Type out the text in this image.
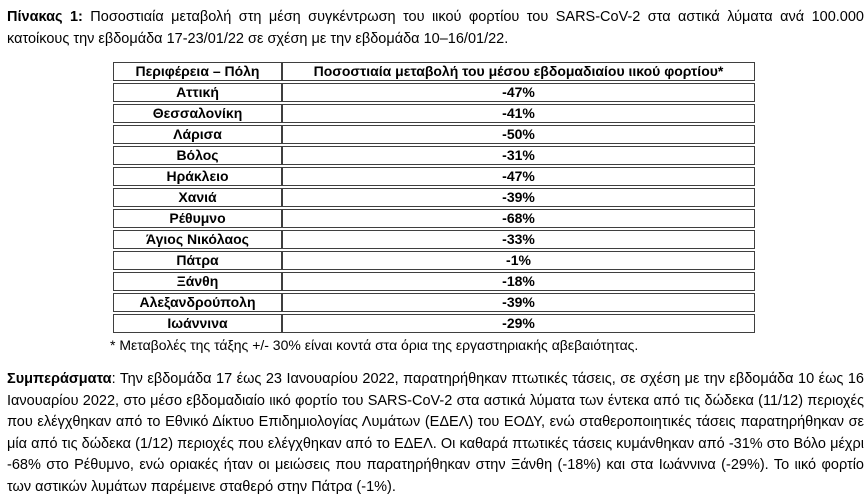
Πίνακας 1: Ποσοστιαία μεταβολή στη μέση συγκέντρωση του ιικού φορτίου του SARS-CoV-2 στα αστικά λύματα ανά 100.000 κατοίκους την εβδομάδα 17-23/01/22 σε σχέση με την εβδομάδα 10–16/01/22.

Περιφέρεια – Πόλη	Ποσοστιαία μεταβολή του μέσου εβδομαδιαίου ιικού φορτίου*
Αττική	-47%
Θεσσαλονίκη	-41%
Λάρισα	-50%
Βόλος	-31%
Ηράκλειο	-47%
Χανιά	-39%
Ρέθυμνο	-68%
Άγιος Νικόλαος	-33%
Πάτρα	-1%
Ξάνθη	-18%
Αλεξανδρούπολη	-39%
Ιωάννινα	-29%

* Μεταβολές της τάξης +/- 30% είναι κοντά στα όρια της εργαστηριακής αβεβαιότητας.

Συμπεράσματα: Την εβδομάδα 17 έως 23 Ιανουαρίου 2022, παρατηρήθηκαν πτωτικές τάσεις, σε σχέση με την εβδομάδα 10 έως 16 Ιανουαρίου 2022, στο μέσο εβδομαδιαίο ιικό φορτίο του SARS-CoV-2 στα αστικά λύματα των έντεκα από τις δώδεκα (11/12) περιοχές που ελέγχθηκαν από το Εθνικό Δίκτυο Επιδημιολογίας Λυμάτων (ΕΔΕΛ) του ΕΟΔΥ, ενώ σταθεροποιητικές τάσεις παρατηρήθηκαν σε μία από τις δώδεκα (1/12) περιοχές που ελέγχθηκαν από το ΕΔΕΛ. Οι καθαρά πτωτικές τάσεις κυμάνθηκαν από -31% στο Βόλο μέχρι -68% στο Ρέθυμνο, ενώ οριακές ήταν οι μειώσεις που παρατηρήθηκαν στην Ξάνθη (-18%) και στα Ιωάννινα (-29%). Το ιικό φορτίο των αστικών λυμάτων παρέμεινε σταθερό στην Πάτρα (-1%).
